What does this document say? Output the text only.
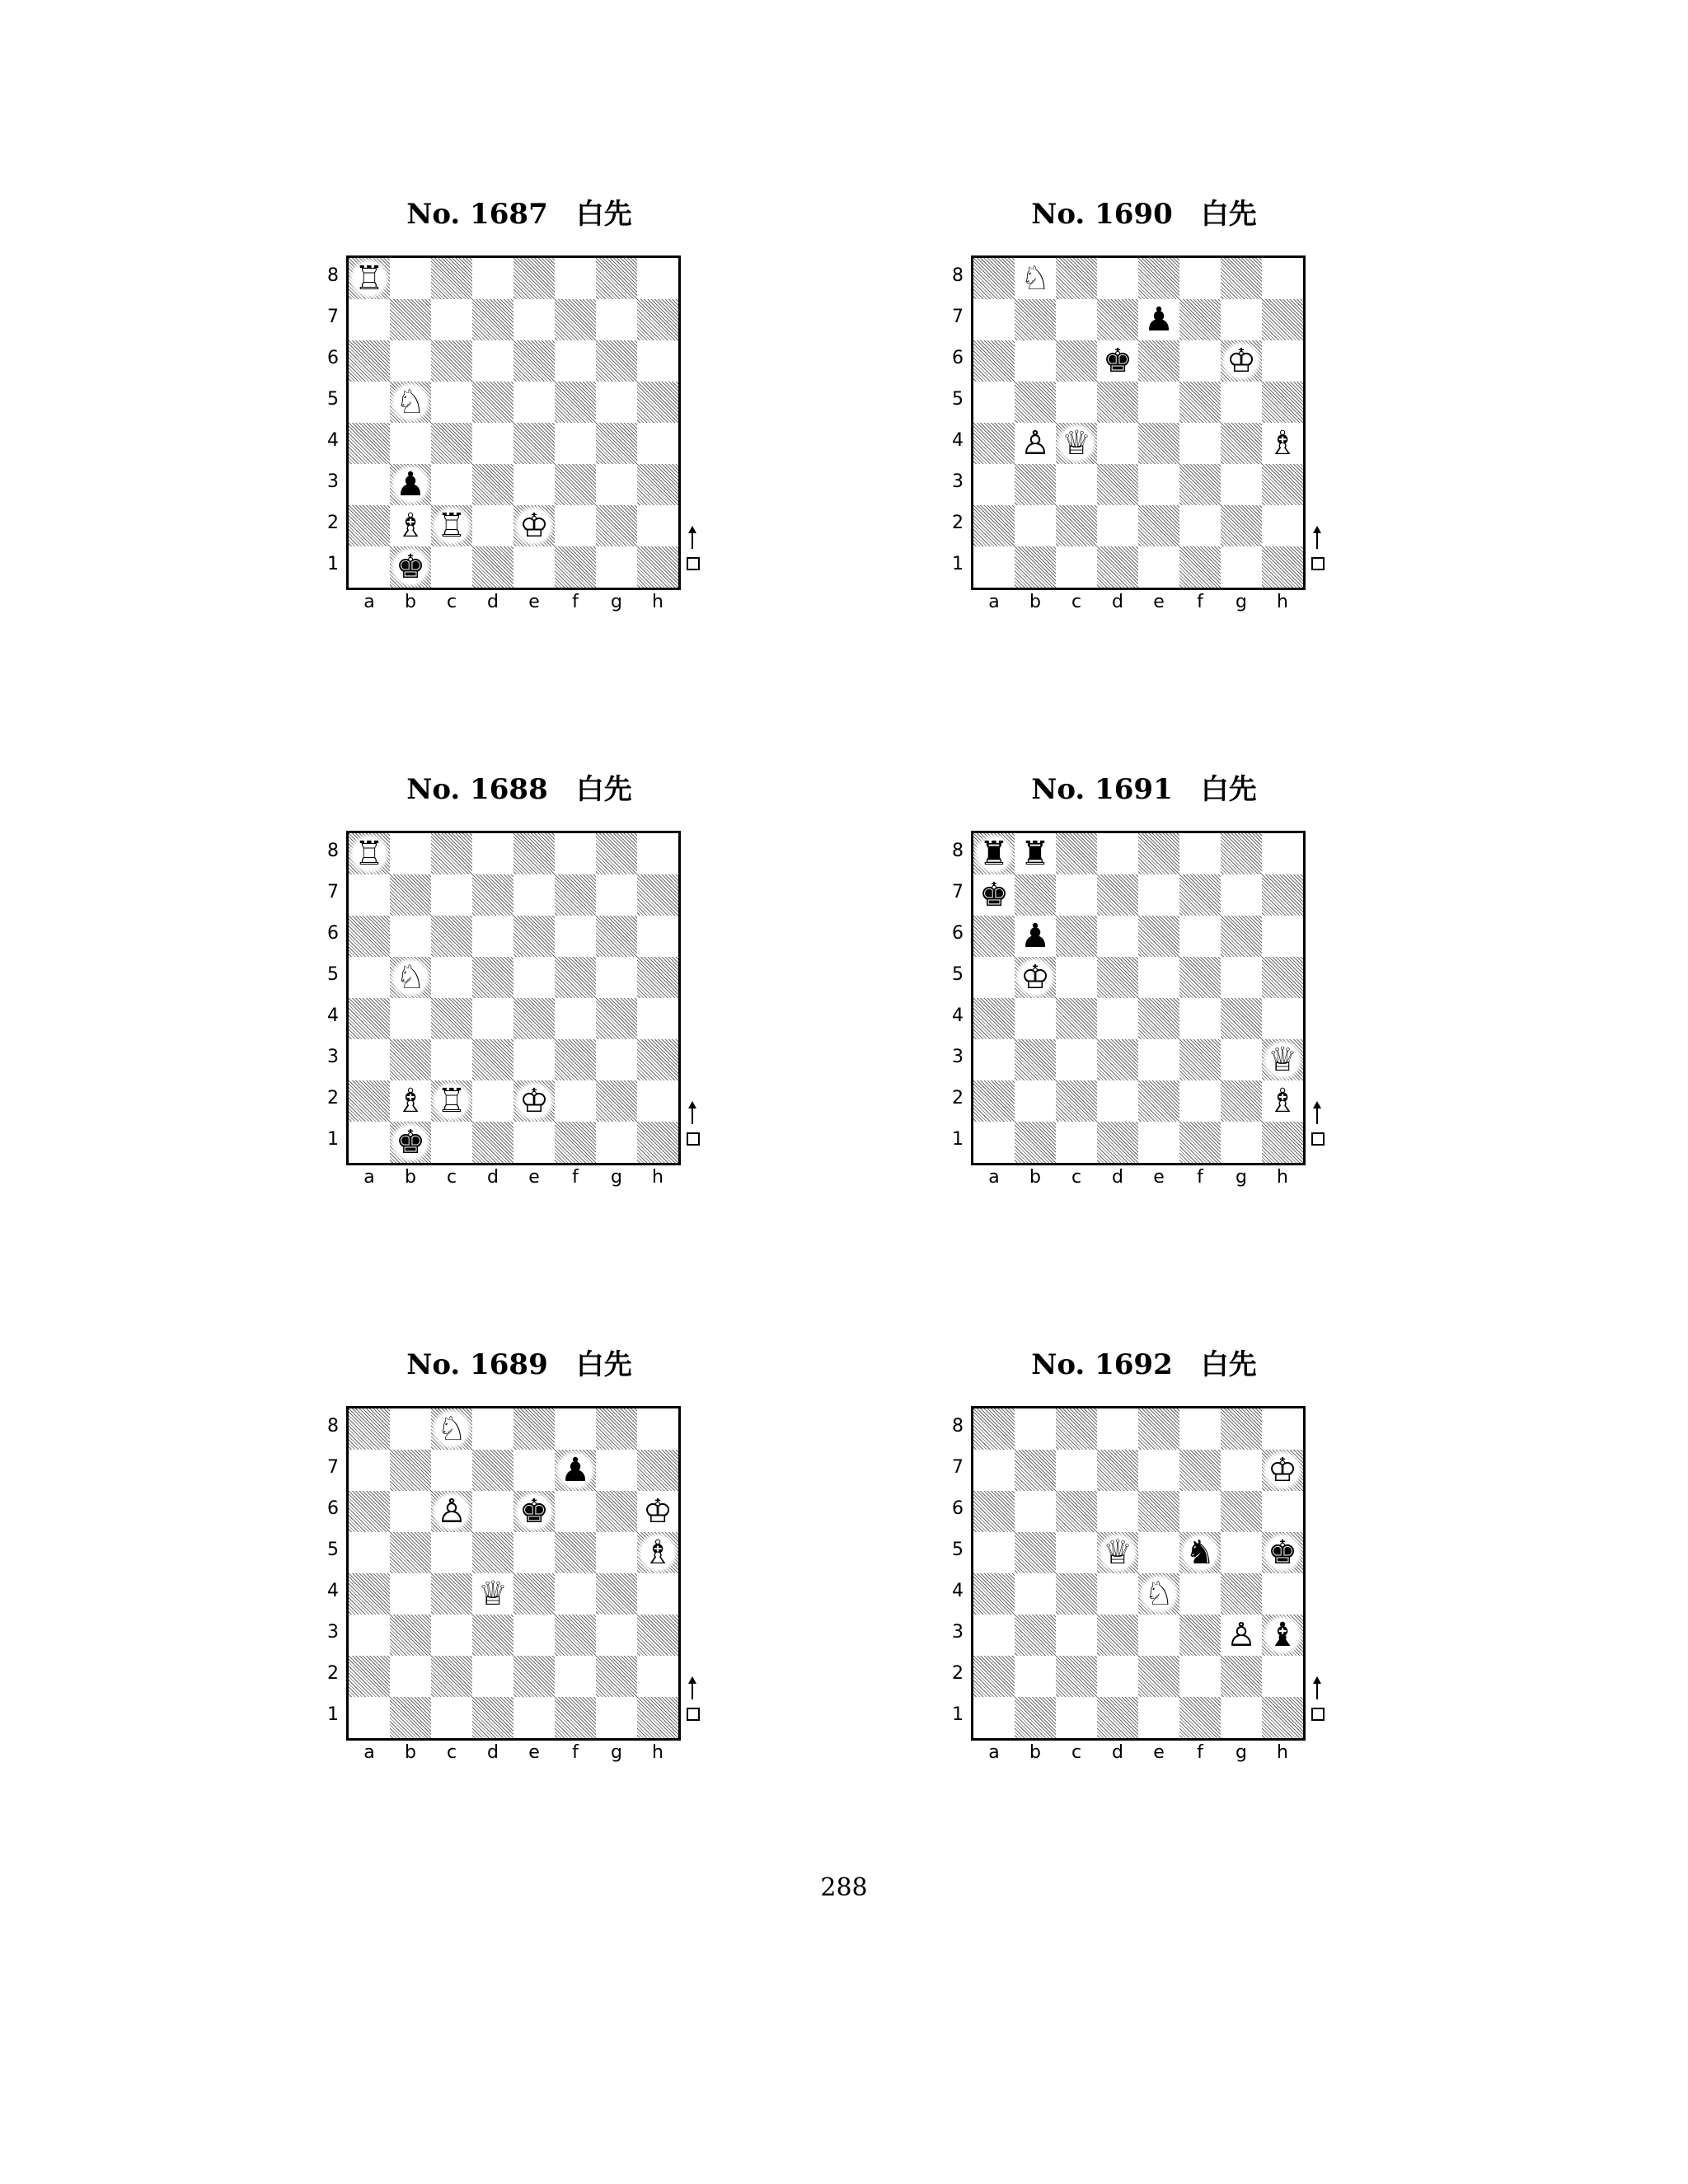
No. 1687　白先
8
7
6
5
4
3
2
1
♖
♘
♟
♗ ♖ ♔
♚
a	b	c	d	e	f	g	h
No. 1688　白先
8
7
6
5
4
3
2
1
♖
♘
♗ ♖ ♔
♚
a	b	c	d	e	f	g	h
No. 1689　白先
8
7
6
5
4
3
2
1
♘
♟
♙ ♚	♔
♗
♕
a	b	c	d	e	f	g	h
No. 1690　白先
8
7
6
5
4
3
2
1
♘
♟
♚	♔
♙ ♕	♗
a	b	c	d	e	f	g	h
No. 1691　白先
8
7
6
5
4
3
2
1
♜ ♜
♚
♟
♔
♕
♗
a	b	c	d	e	f	g	h
No. 1692　白先
8
7
6
5
4
3
2
1
♔
♕ ♞ ♚
♘
♙ ♝
a	b	c	d	e	f	g	h
288
